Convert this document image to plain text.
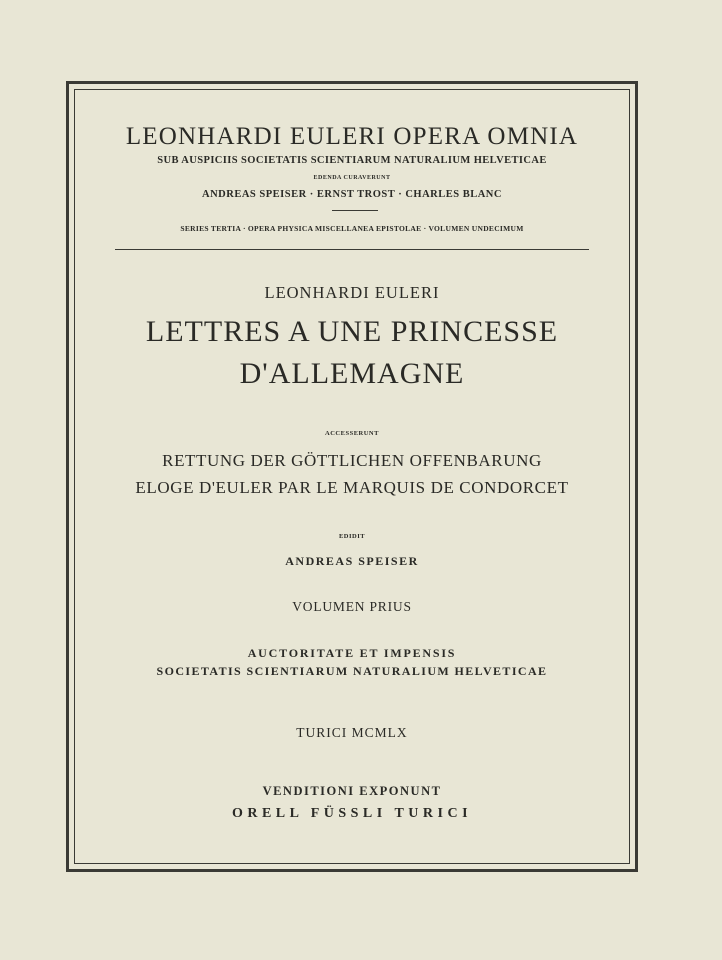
LEONHARDI EULERI OPERA OMNIA
SUB AUSPICIIS SOCIETATIS SCIENTIARUM NATURALIUM HELVETICAE
EDENDA CURAVERUNT
ANDREAS SPEISER · ERNST TROST · CHARLES BLANC
SERIES TERTIA · OPERA PHYSICA MISCELLANEA EPISTOLAE · VOLUMEN UNDECIMUM
LEONHARDI EULERI
LETTRES A UNE PRINCESSE
D'ALLEMAGNE
ACCESSERUNT
RETTUNG DER GÖTTLICHEN OFFENBARUNG
ELOGE D'EULER PAR LE MARQUIS DE CONDORCET
EDIDIT
ANDREAS SPEISER
VOLUMEN PRIUS
AUCTORITATE ET IMPENSIS
SOCIETATIS SCIENTIARUM NATURALIUM HELVETICAE
TURICI MCMLX
VENDITIONI EXPONUNT
ORELL FÜSSLI TURICI
